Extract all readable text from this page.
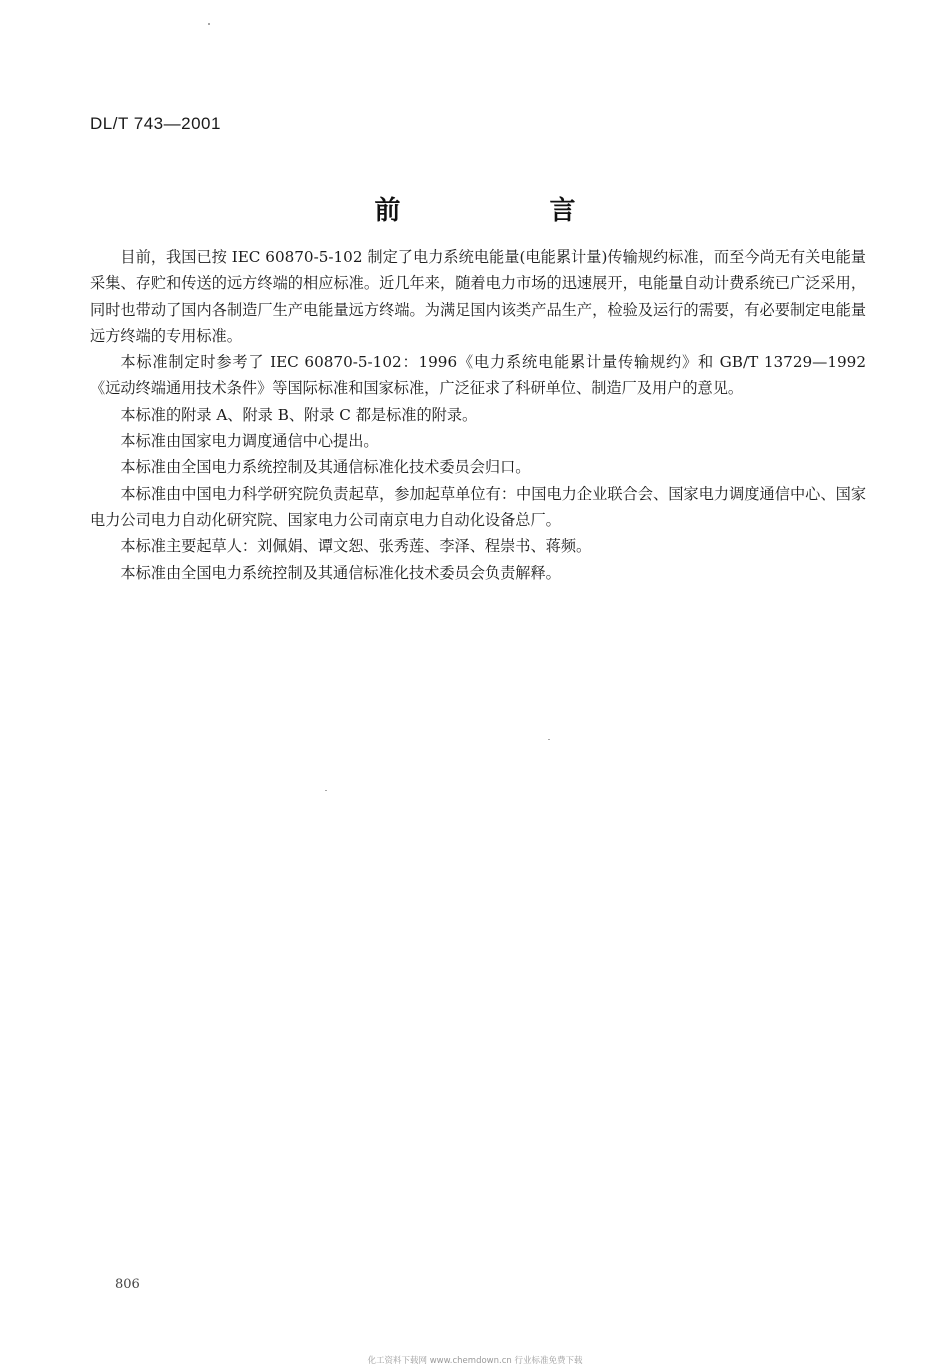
DL/T 743—2001
前 言

目前，我国已按 IEC 60870-5-102 制定了电力系统电能量(电能累计量)传输规约标准，而至今尚无有关电能量采集、存贮和传送的远方终端的相应标准。近几年来，随着电力市场的迅速展开，电能量自动计费系统已广泛采用，同时也带动了国内各制造厂生产电能量远方终端。为满足国内该类产品生产，检验及运行的需要，有必要制定电能量远方终端的专用标准。

本标准制定时参考了 IEC 60870-5-102：1996《电力系统电能累计量传输规约》和 GB/T 13729—1992《远动终端通用技术条件》等国际标准和国家标准，广泛征求了科研单位、制造厂及用户的意见。

本标准的附录 A、附录 B、附录 C 都是标准的附录。

本标准由国家电力调度通信中心提出。

本标准由全国电力系统控制及其通信标准化技术委员会归口。

本标准由中国电力科学研究院负责起草，参加起草单位有：中国电力企业联合会、国家电力调度通信中心、国家电力公司电力自动化研究院、国家电力公司南京电力自动化设备总厂。

本标准主要起草人：刘佩娟、谭文恕、张秀莲、李泽、程崇书、蒋频。

本标准由全国电力系统控制及其通信标准化技术委员会负责解释。

806
化工资料下载网 www.chemdown.cn 行业标准免费下载
